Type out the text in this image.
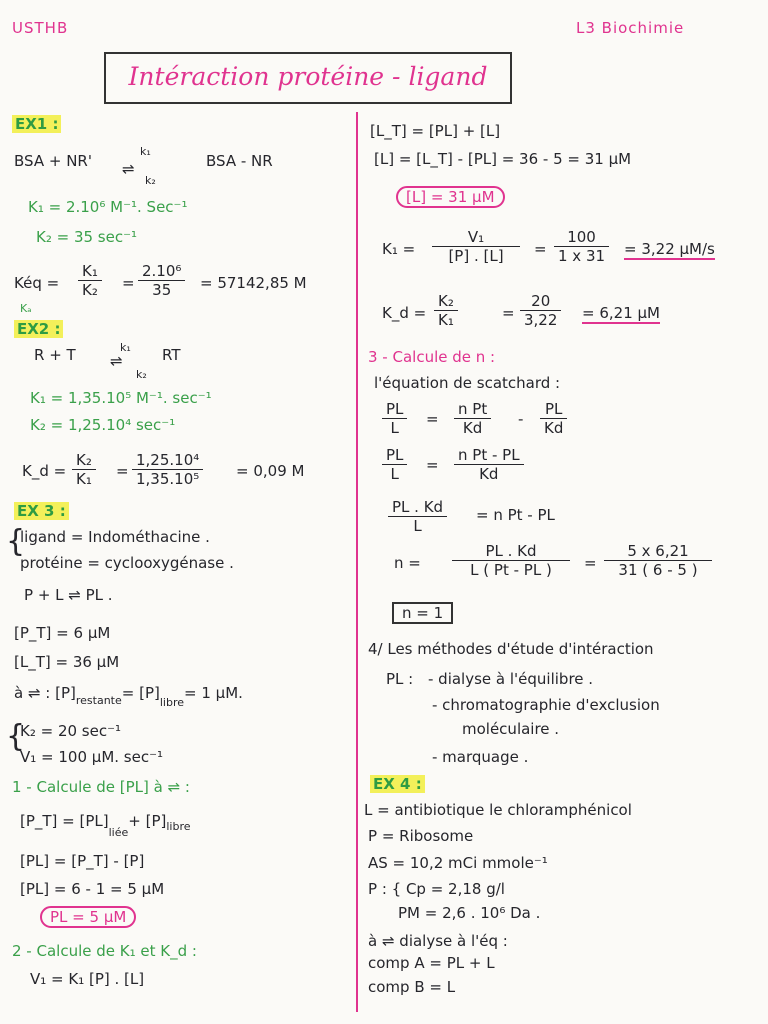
USTHB	L3 Biochimie
Intéraction protéine - ligand
EX1 :
BSA + NR'
k₁
⇌
k₂
BSA - NR
K₁ = 2.10⁶ M⁻¹. Sec⁻¹
K₂ = 35 sec⁻¹
Kéq = $\frac{\text{K₁}}{\text{K₂}} = \frac{\text{2.10⁶}}{35} = 57142,85$ M
Kₐ
EX2 :
R + T	k₁
⇌
k₂
RT
K₁ = 1,35.10⁵ M⁻¹. sec⁻¹
K₂ = 1,25.10⁴ sec⁻¹
K_d = $\frac{\text{K₂}}{\text{K₁}} = \frac{\text{1,25.10⁴}}{\text{1,35.10⁵}} = 0,09$ M
EX 3 :
{
ligand = Indométhacine .
protéine = cyclooxygénase .
P + L ⇌ PL .
[P_T] = 6 μM
[L_T] = 36 μM
à ⇌ : $[P]_{restante}= [P]_{libre}= 1$ μM.
{
K₂ = 20 sec⁻¹
V₁ = 100 μM. sec⁻¹
1 - Calcule de [PL] à ⇌ :
[P_T] = $[PL]_{liée}+ [P]_{libre}$
[PL] = [P_T] - [P]
[PL] = 6 - 1 = 5 μM
PL = 5 μM
2 - Calcule de K₁ et K_d :
V₁ = K₁ [P] . [L]
[L_T] = [PL] + [L]
[L] = [L_T] - [PL] = 36 - 5 = 31 μM
[L] = 31 μM
$K_1 = \frac{\text{V₁}}{[P] . [L]} = \frac{100}{1 x 31} = 3,22$ μM/s
K_d = $\frac{\text{K₂}}{\text{K₁}}$	= $\frac{20}{3,22} = 6,21$ μM
3 - Calcule de n :
l'équation de scatchard :
$\frac{PL}{L} = \frac{\text{n Pt}}{Kd} - \frac{PL}{Kd}$
$\frac{PL}{L} = \frac{\text{n Pt - PL}}{Kd}$
$\frac{PL . Kd}{L} = n$ Pt - PL
$n = \frac{PL . Kd}{L ( Pt - PL )} = \frac{5 x 6,21}{31 ( 6 - 5 )}$
n = 1
4/ Les méthodes d'étude d'intéraction
PL : - dialyse à l'équilibre .
- chromatographie d'exclusion
moléculaire .
- marquage .
EX 4 :
L = antibiotique le chloramphénicol
P = Ribosome
AS = 10,2 mCi mmole⁻¹
P : { Cp = 2,18 g/l
PM = 2,6 . 10⁶ Da .
à ⇌ dialyse à l'éq :
comp A = PL + L
comp B = L
